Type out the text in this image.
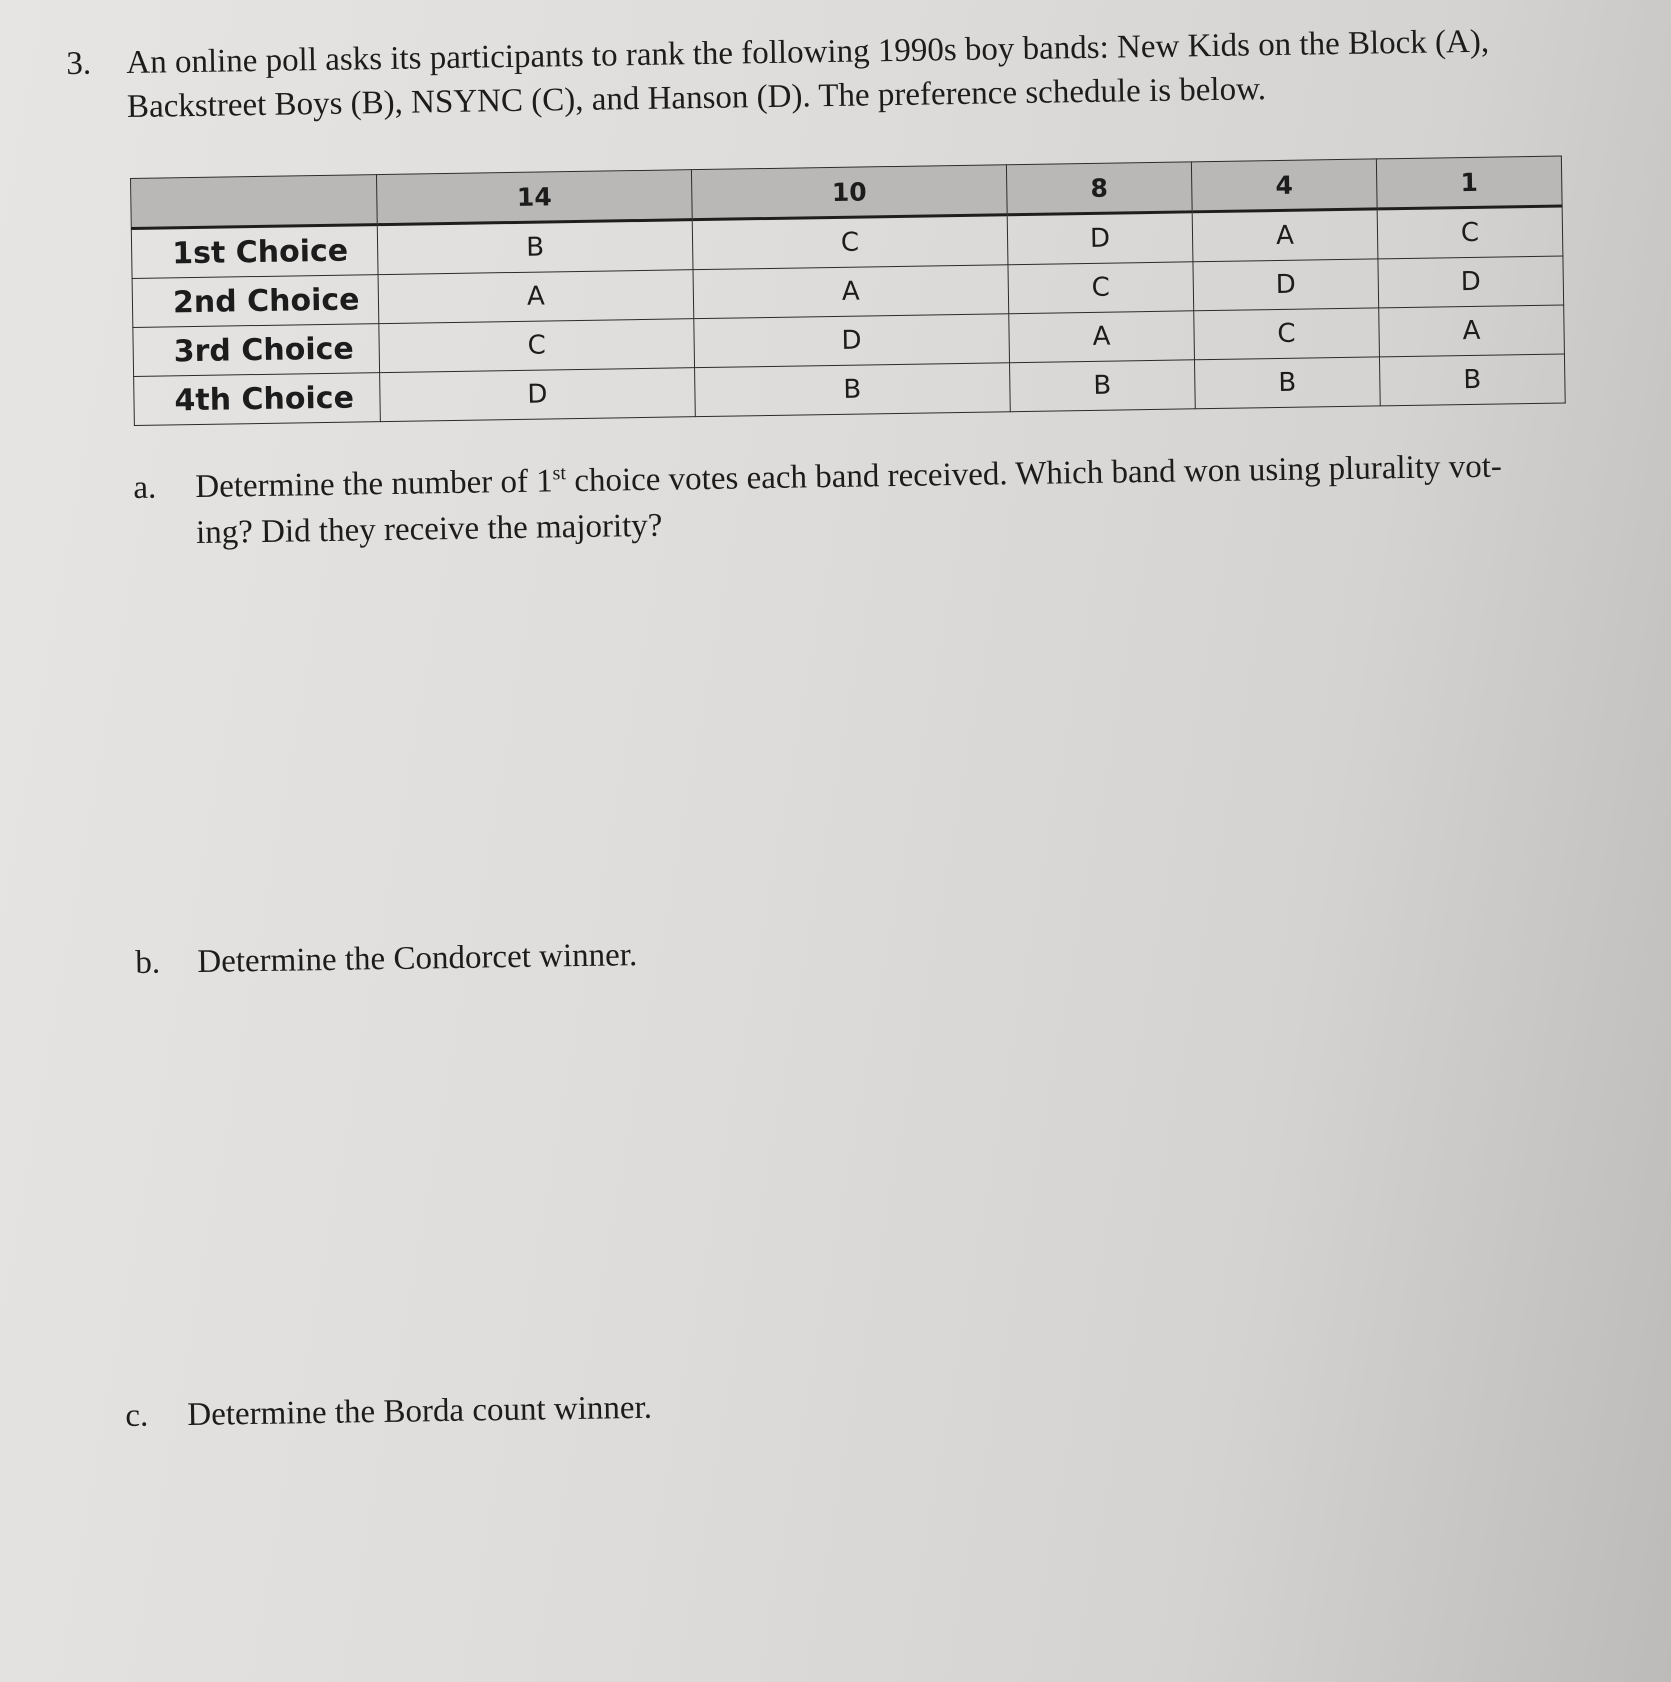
3. An online poll asks its participants to rank the following 1990s boy bands: New Kids on the Block (A), Backstreet Boys (B), NSYNC (C), and Hanson (D). The preference schedule is below.
	14	10	8	4	1
1st Choice	B	C	D	A	C
2nd Choice	A	A	C	D	D
3rd Choice	C	D	A	C	A
4th Choice	D	B	B	B	B
a. Determine the number of 1st choice votes each band received. Which band won using plurality vot-ing? Did they receive the majority?
b. Determine the Condorcet winner.
c. Determine the Borda count winner.
